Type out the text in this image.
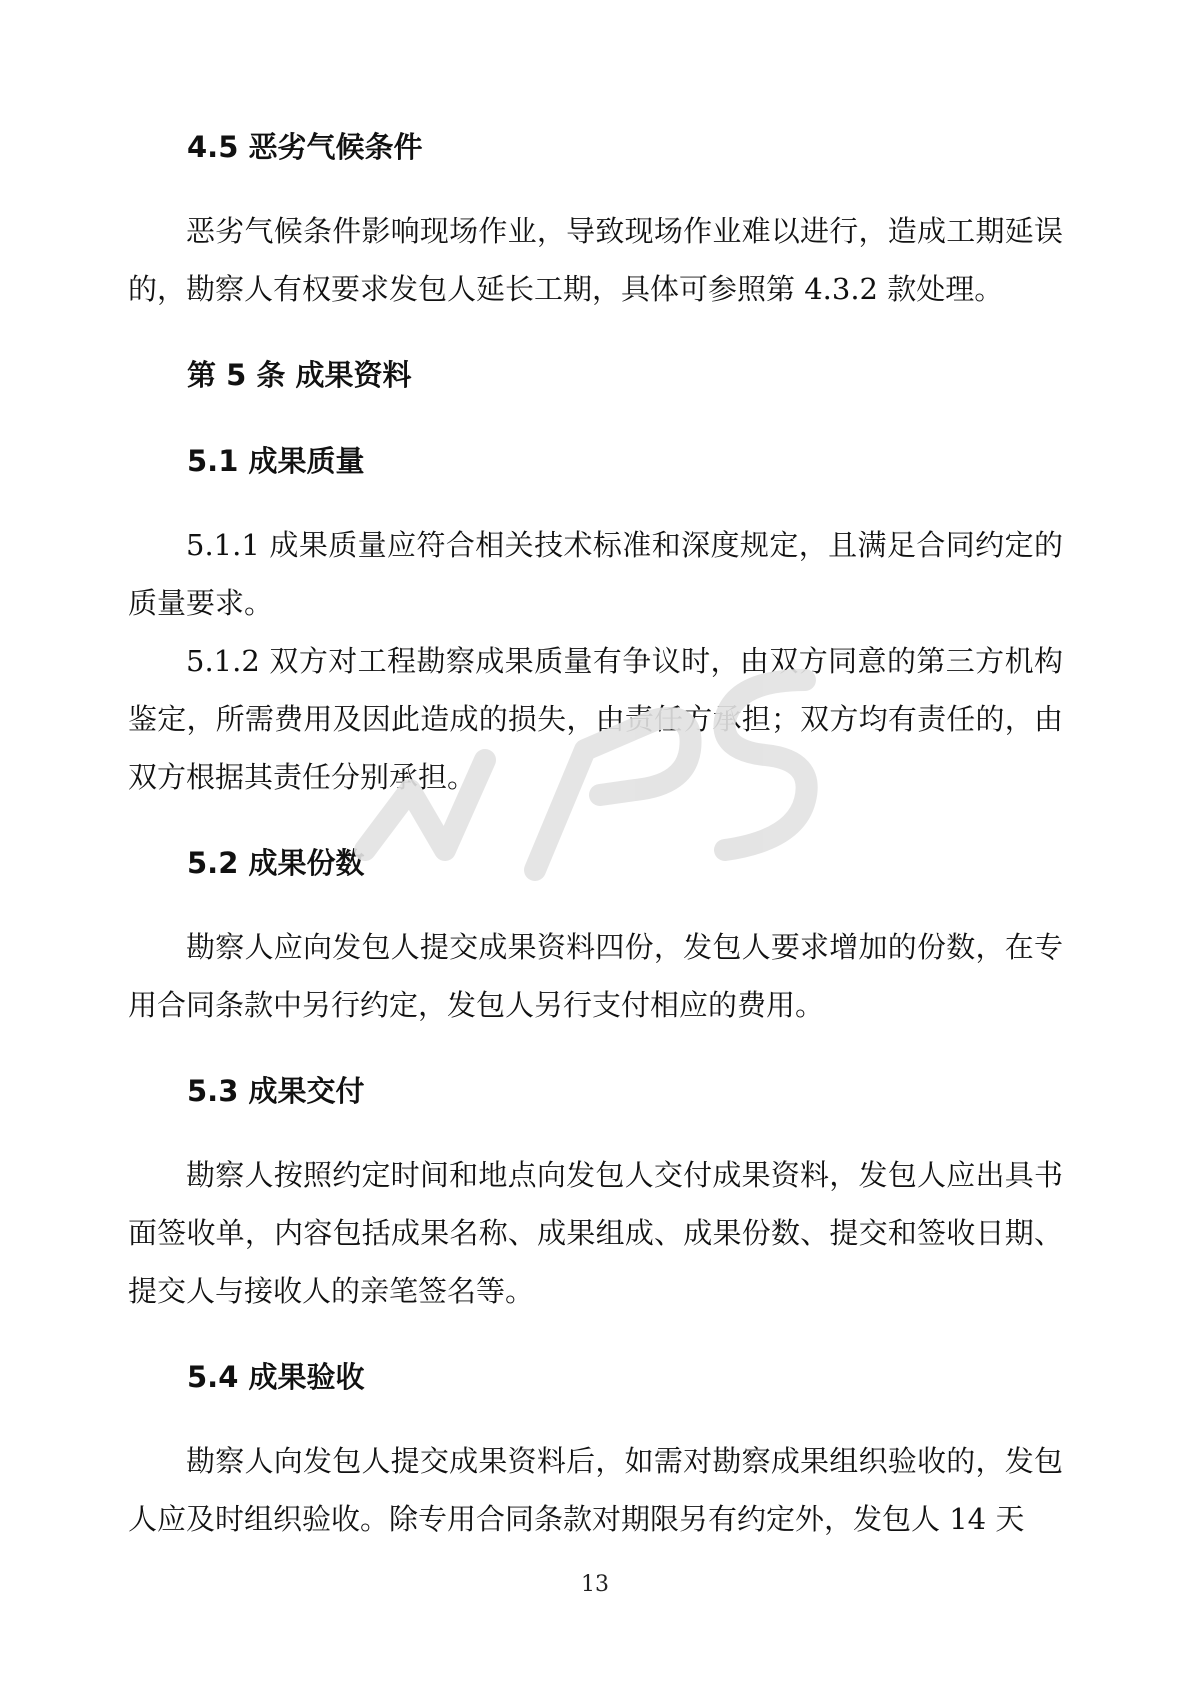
4.5 恶劣气候条件

恶劣气候条件影响现场作业，导致现场作业难以进行，造成工期延误的，勘察人有权要求发包人延长工期，具体可参照第 4.3.2 款处理。

第 5 条 成果资料

5.1 成果质量

5.1.1 成果质量应符合相关技术标准和深度规定，且满足合同约定的质量要求。

5.1.2 双方对工程勘察成果质量有争议时，由双方同意的第三方机构鉴定，所需费用及因此造成的损失，由责任方承担；双方均有责任的，由双方根据其责任分别承担。

5.2 成果份数

勘察人应向发包人提交成果资料四份，发包人要求增加的份数，在专用合同条款中另行约定，发包人另行支付相应的费用。

5.3 成果交付

勘察人按照约定时间和地点向发包人交付成果资料，发包人应出具书面签收单，内容包括成果名称、成果组成、成果份数、提交和签收日期、提交人与接收人的亲笔签名等。

5.4 成果验收

勘察人向发包人提交成果资料后，如需对勘察成果组织验收的，发包人应及时组织验收。除专用合同条款对期限另有约定外，发包人 14 天

13
